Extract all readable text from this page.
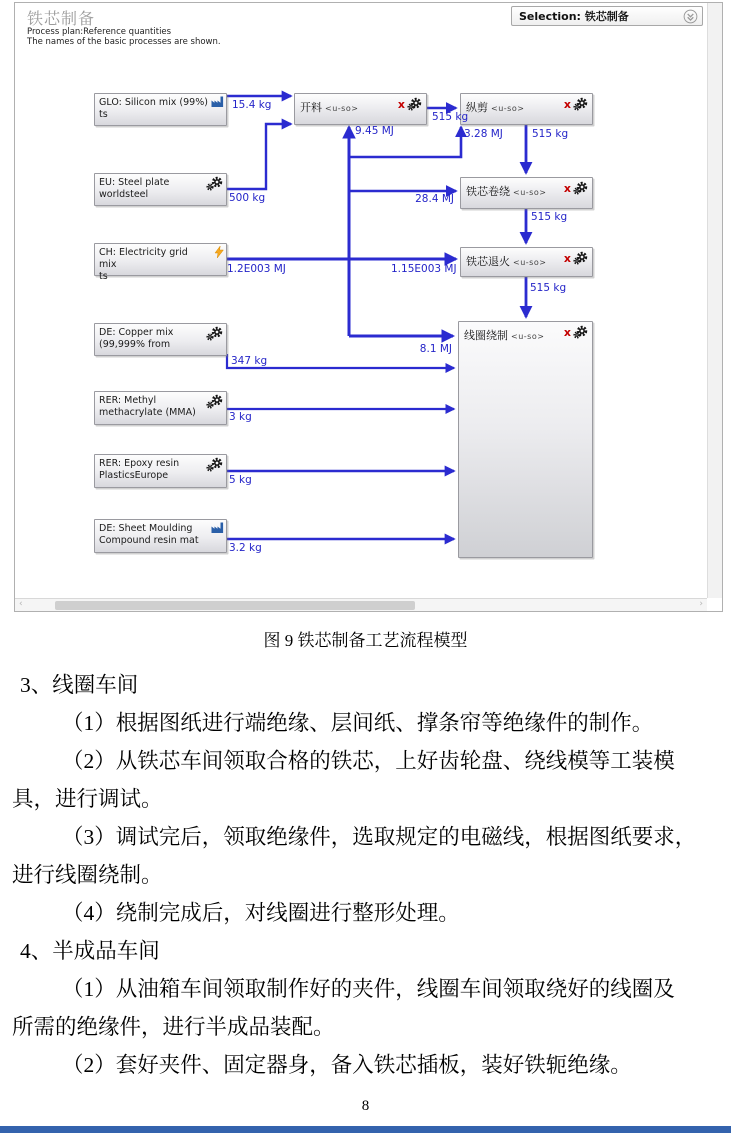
铁芯制备
Process plan:Reference quantities
The names of the basic processes are shown.
Selection: 铁芯制备
GLO: Silicon mix (99%)
ts
EU: Steel plate
worldsteel
CH: Electricity grid mix
ts
DE: Copper mix
(99,999% from
RER: Methyl
methacrylate (MMA)
RER: Epoxy resin
PlasticsEurope
DE: Sheet Moulding
Compound resin mat
开料 <u-so>	x	纵剪 <u-so>	x
铁芯卷绕 <u-so> x
铁芯退火 <u-so> x
线圈绕制 <u-so> x
15.4 kg
500 kg
515 kg
9.45 MJ	3.28 MJ	515 kg
28.4 MJ
515 kg
1.2E003 MJ	1.15E003 MJ
515 kg
8.1 MJ
347 kg
3 kg
5 kg
3.2 kg
‹	›
图 9 铁芯制备工艺流程模型
3、线圈车间
（1）根据图纸进行端绝缘、层间纸、撑条帘等绝缘件的制作。
（2）从铁芯车间领取合格的铁芯，上好齿轮盘、绕线模等工装模
具，进行调试。
（3）调试完后，领取绝缘件，选取规定的电磁线，根据图纸要求，
进行线圈绕制。
（4）绕制完成后，对线圈进行整形处理。
4、半成品车间
（1）从油箱车间领取制作好的夹件，线圈车间领取绕好的线圈及
所需的绝缘件，进行半成品装配。
（2）套好夹件、固定器身，备入铁芯插板，装好铁轭绝缘。
8
